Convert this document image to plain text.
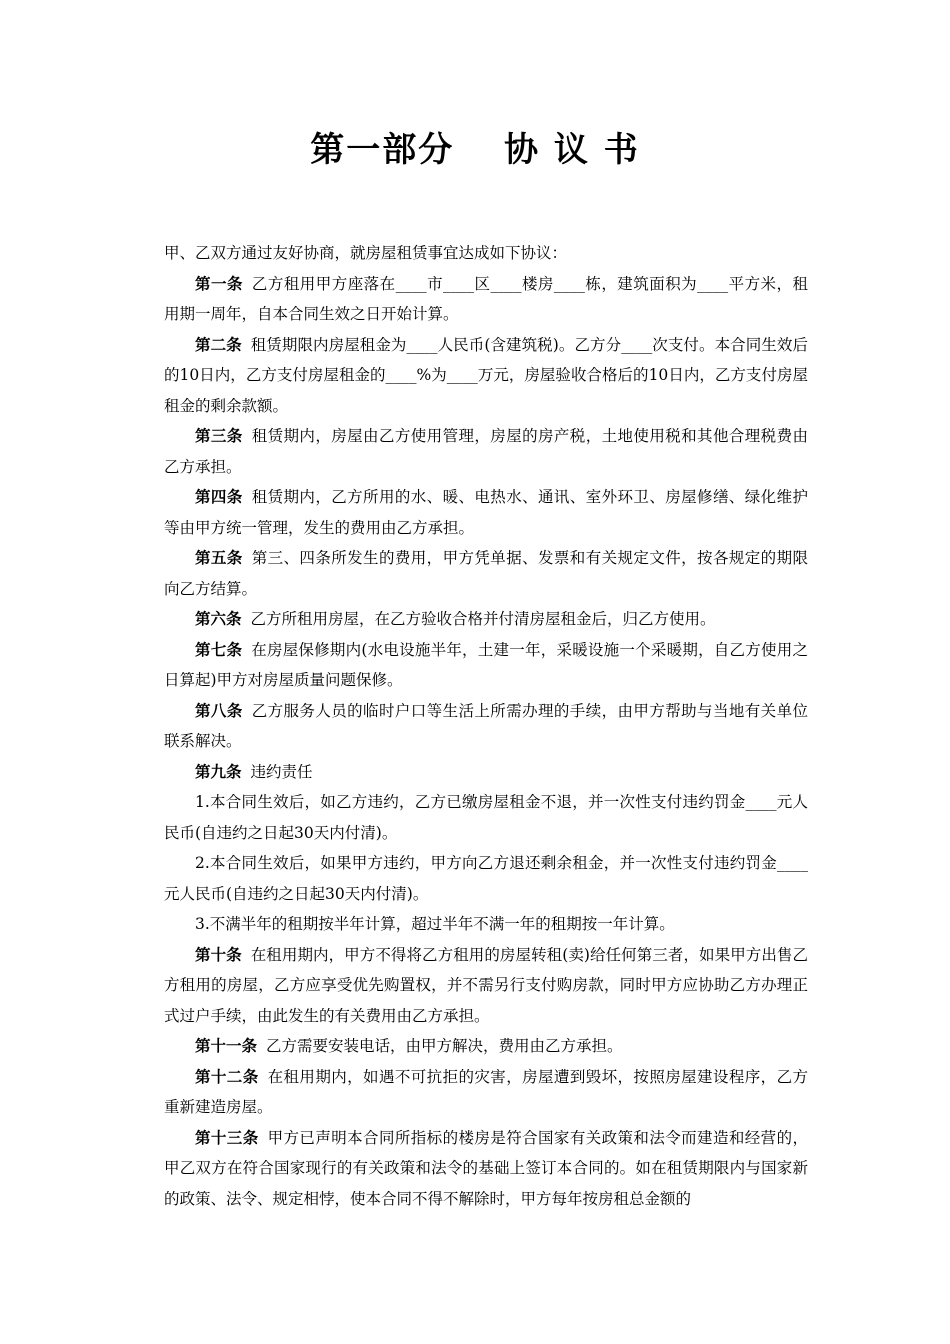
第一部分　 协 议 书

甲、乙双方通过友好协商，就房屋租赁事宜达成如下协议：

第一条 乙方租用甲方座落在____市____区____楼房____栋，建筑面积为____平方米，租用期一周年，自本合同生效之日开始计算。

第二条 租赁期限内房屋租金为____人民币(含建筑税)。乙方分____次支付。本合同生效后的10日内，乙方支付房屋租金的____%为____万元，房屋验收合格后的10日内，乙方支付房屋租金的剩余款额。

第三条 租赁期内，房屋由乙方使用管理，房屋的房产税，土地使用税和其他合理税费由乙方承担。

第四条 租赁期内，乙方所用的水、暖、电热水、通讯、室外环卫、房屋修缮、绿化维护等由甲方统一管理，发生的费用由乙方承担。

第五条 第三、四条所发生的费用，甲方凭单据、发票和有关规定文件，按各规定的期限向乙方结算。

第六条 乙方所租用房屋，在乙方验收合格并付清房屋租金后，归乙方使用。

第七条 在房屋保修期内(水电设施半年，土建一年，采暖设施一个采暖期，自乙方使用之日算起)甲方对房屋质量问题保修。

第八条 乙方服务人员的临时户口等生活上所需办理的手续，由甲方帮助与当地有关单位联系解决。

第九条 违约责任

1.本合同生效后，如乙方违约，乙方已缴房屋租金不退，并一次性支付违约罚金____元人民币(自违约之日起30天内付清)。

2.本合同生效后，如果甲方违约，甲方向乙方退还剩余租金，并一次性支付违约罚金____元人民币(自违约之日起30天内付清)。

3.不满半年的租期按半年计算，超过半年不满一年的租期按一年计算。

第十条 在租用期内，甲方不得将乙方租用的房屋转租(卖)给任何第三者，如果甲方出售乙方租用的房屋，乙方应享受优先购置权，并不需另行支付购房款，同时甲方应协助乙方办理正式过户手续，由此发生的有关费用由乙方承担。

第十一条 乙方需要安装电话，由甲方解决，费用由乙方承担。

第十二条 在租用期内，如遇不可抗拒的灾害，房屋遭到毁坏，按照房屋建设程序，乙方重新建造房屋。

第十三条 甲方已声明本合同所指标的楼房是符合国家有关政策和法令而建造和经营的，甲乙双方在符合国家现行的有关政策和法令的基础上签订本合同的。如在租赁期限内与国家新的政策、法令、规定相悖，使本合同不得不解除时，甲方每年按房租总金额的
